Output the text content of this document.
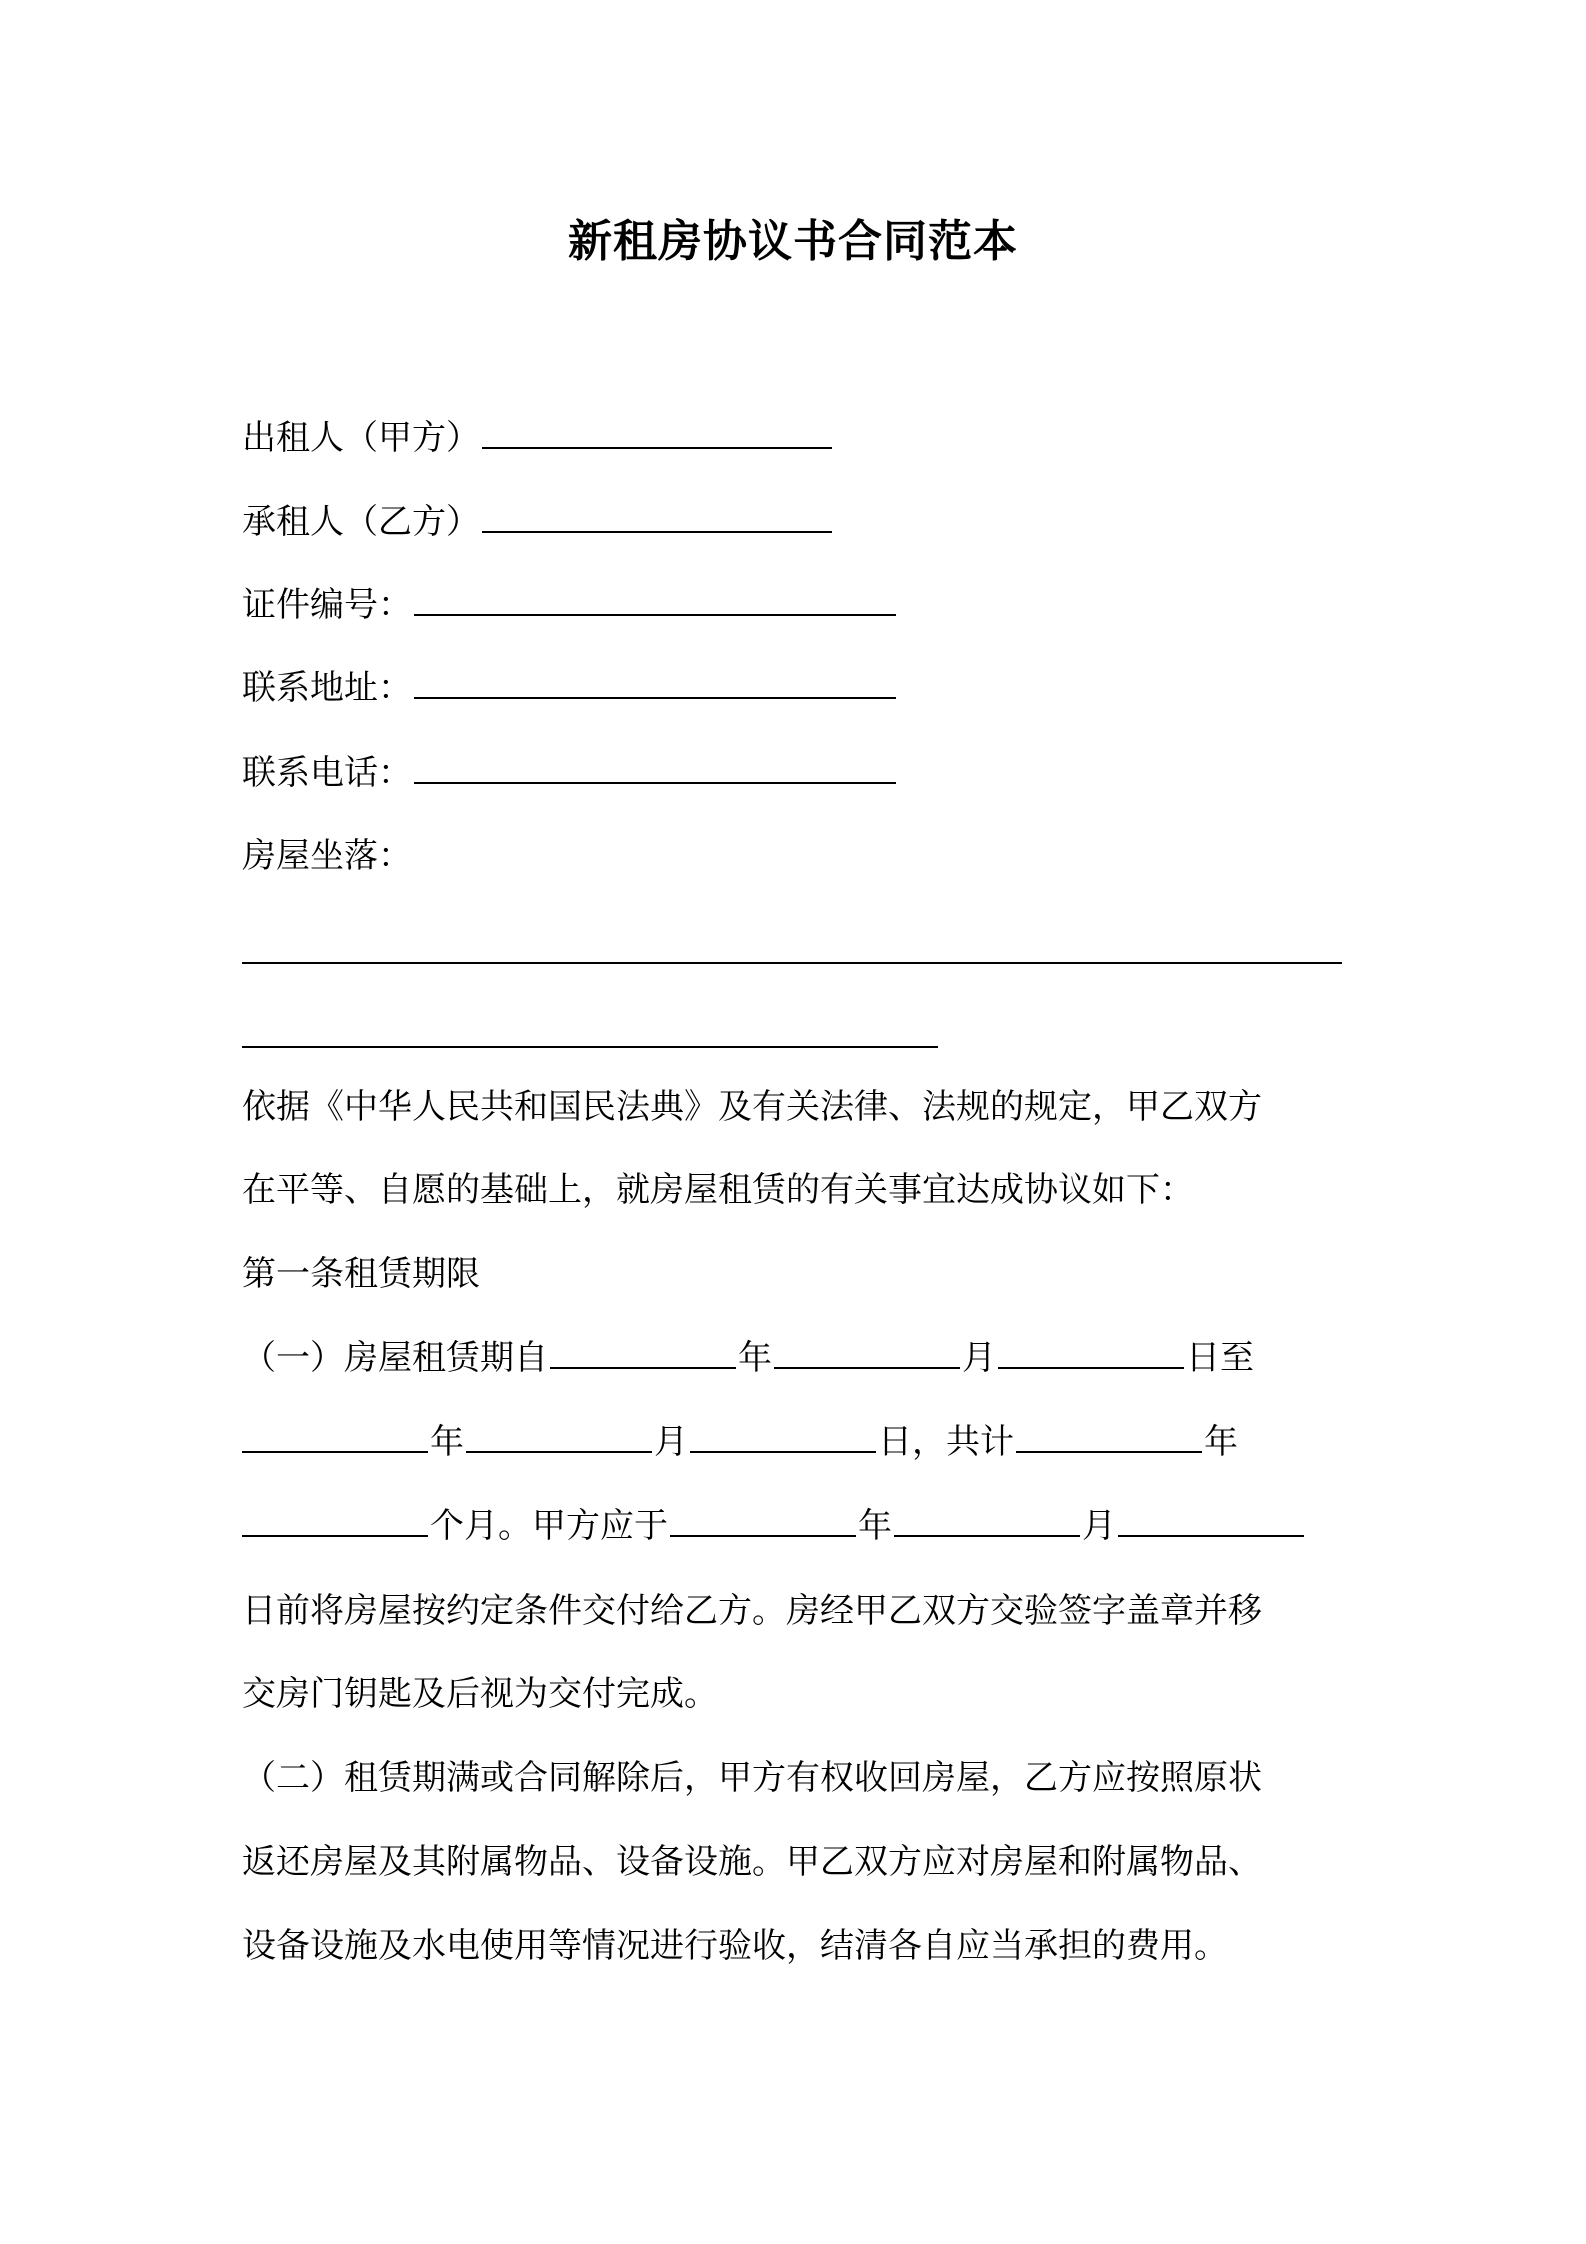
新租房协议书合同范本
出租人（甲方）
承租人（乙方）
证件编号：
联系地址：
联系电话：
房屋坐落：
依据《中华人民共和国民法典》及有关法律、法规的规定，甲乙双方
在平等、自愿的基础上，就房屋租赁的有关事宜达成协议如下：
第一条租赁期限
（一）房屋租赁期自	年	月	日至
年	月	日，共计	年
个月。甲方应于	年	月
日前将房屋按约定条件交付给乙方。房经甲乙双方交验签字盖章并移
交房门钥匙及后视为交付完成。
（二）租赁期满或合同解除后，甲方有权收回房屋，乙方应按照原状
返还房屋及其附属物品、设备设施。甲乙双方应对房屋和附属物品、
设备设施及水电使用等情况进行验收，结清各自应当承担的费用。
